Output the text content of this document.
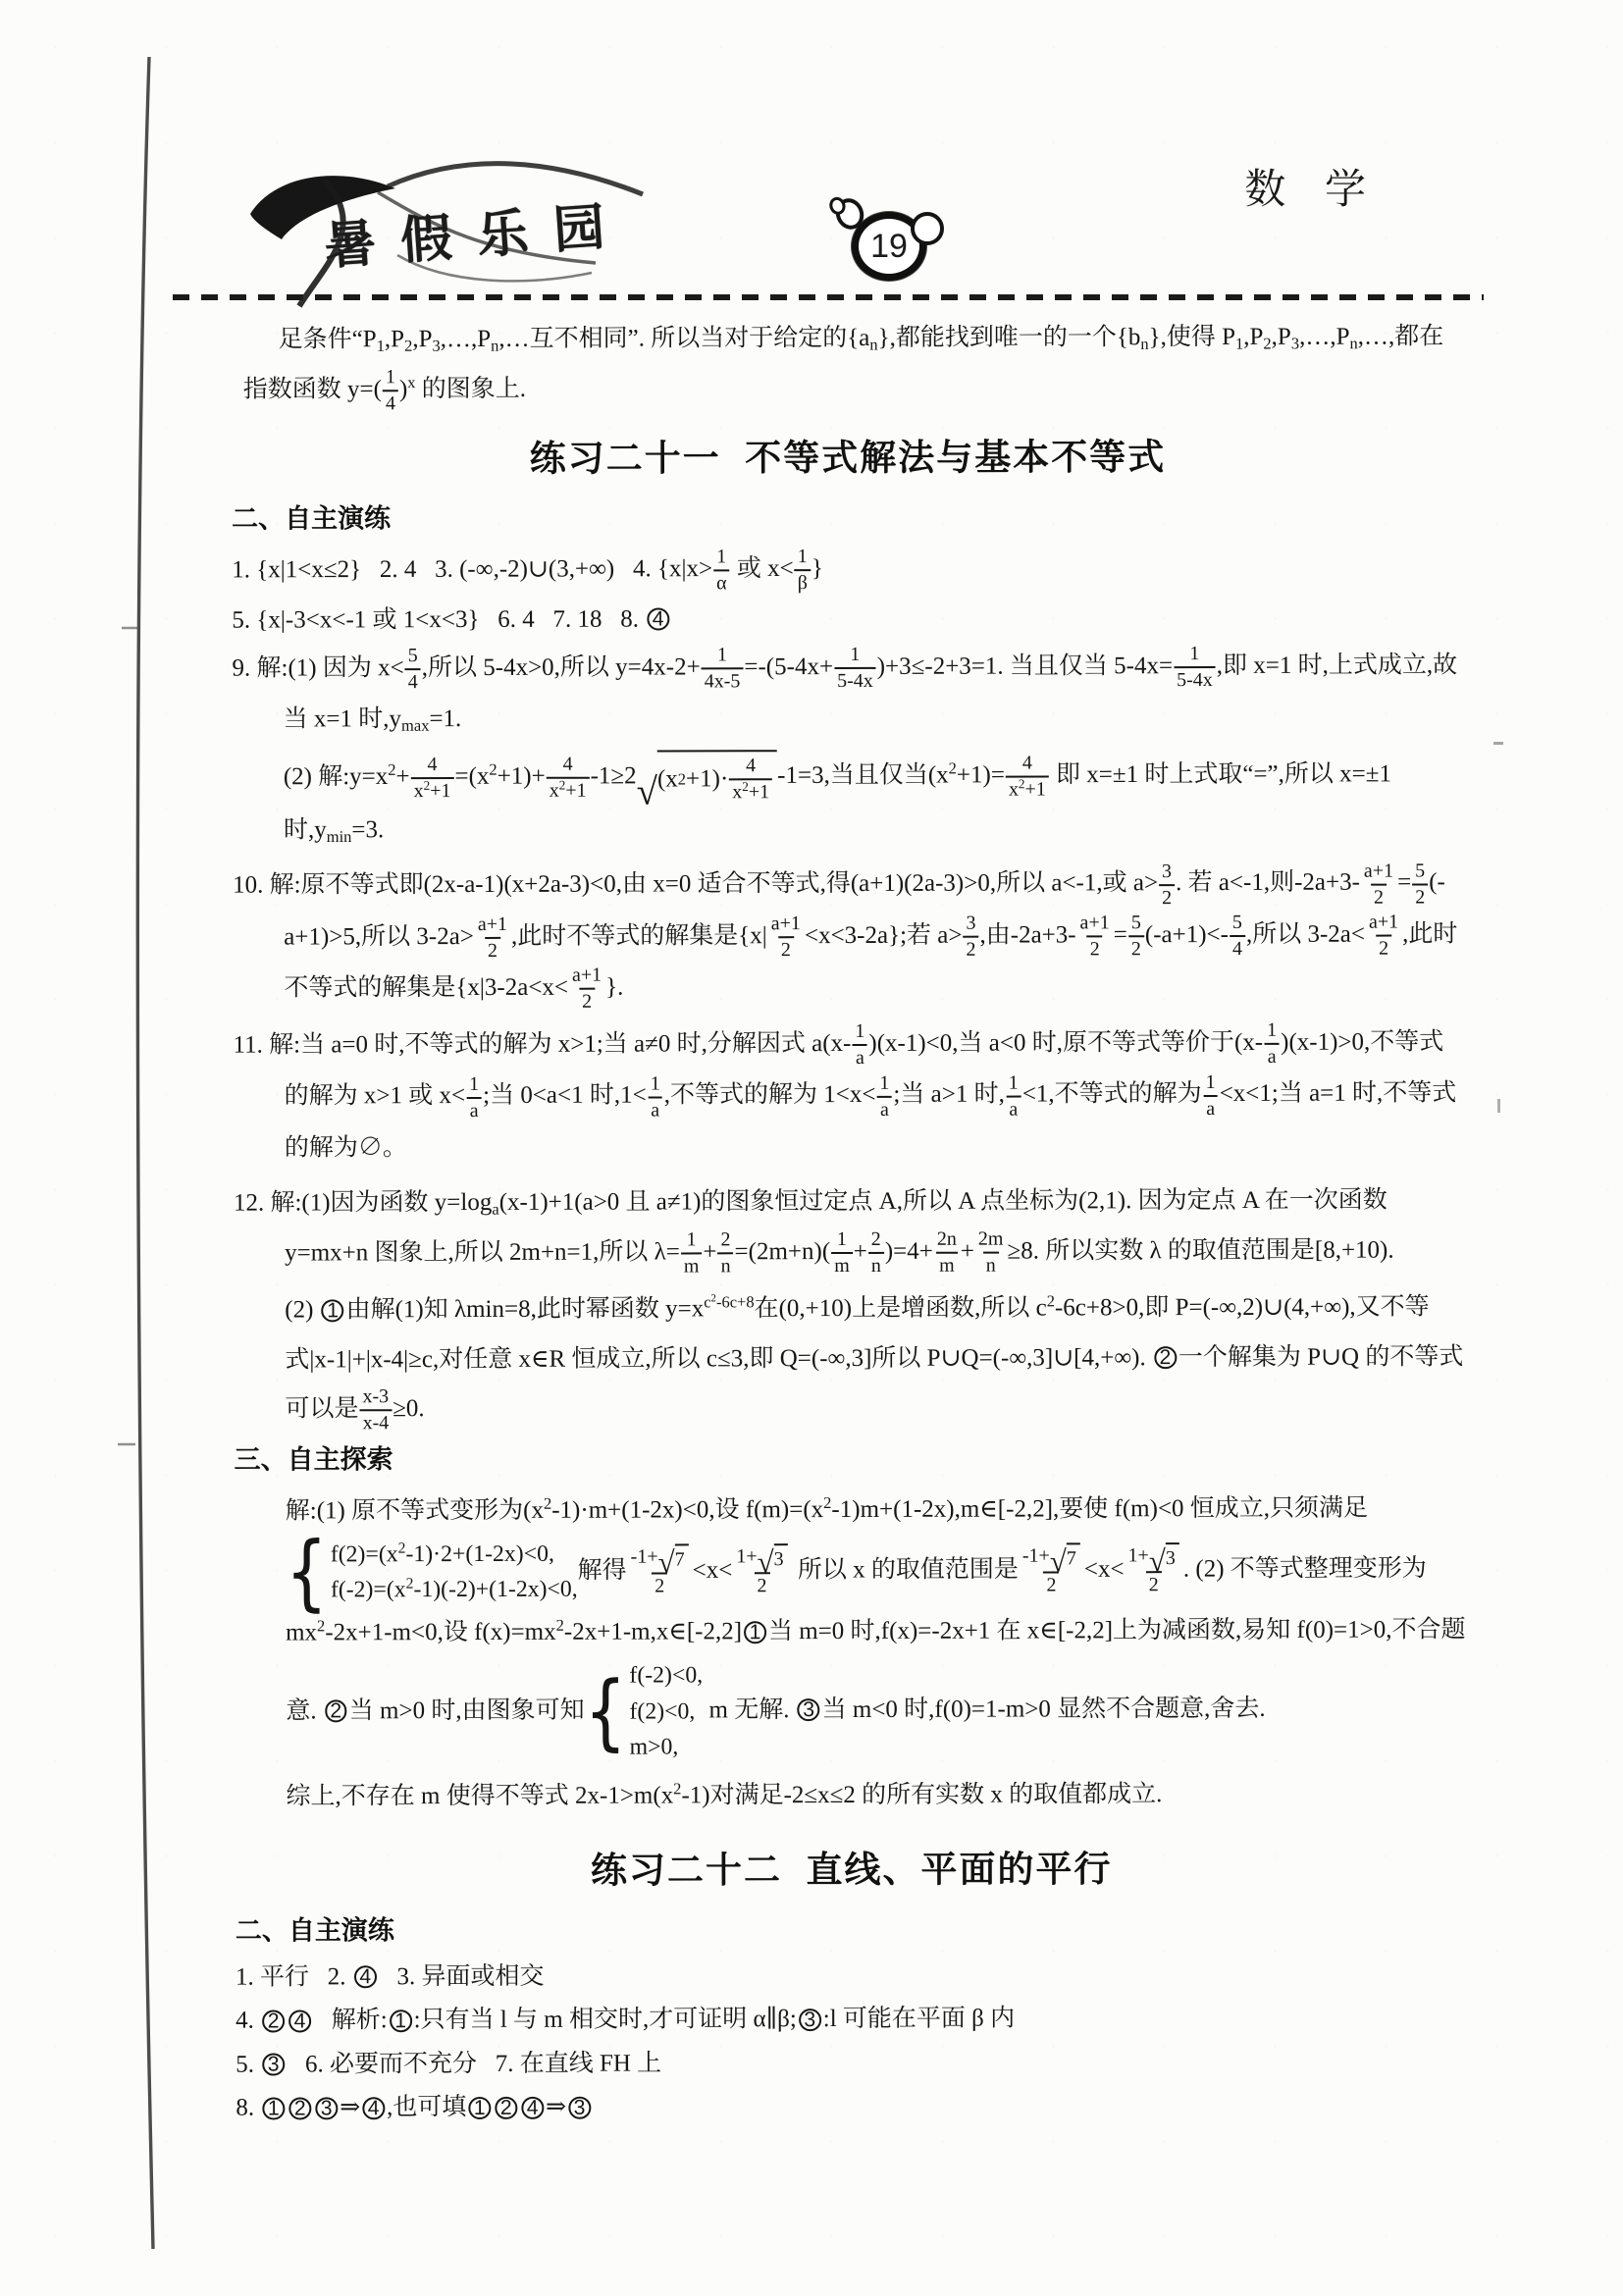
暑假乐园	19
数 学
足条件“$P_1,P_2,P_3,\dots,P_n,\dots$互不相同”. 所以当对于给定的$\{a_n\}$,都能找到唯一的一个$\{b_n\}$,使得 $P_1,P_2,P_3,\dots,P_n,\dots$,都在指数函数 $y=( \frac{1}{4} )^x$ 的图象上.
练习二十一  不等式解法与基本不等式
二、自主演练
1. {x|1<x≤2}   2. 4   3. (-∞,-2)∪(3,+∞)   4. {$x|x> \frac{1}{\alpha}$ 或 $x< \frac{1}{\beta}$ }
5. {x|-3<x<-1 或 1<x<3}   6. 4   7. 18   8. 4
9. 解:(1) 因为 $x< \frac{5}{4}$ ,所以 5-4x>0,所以 $y=4x-2+ \frac{1}{4x-5} =-(5-4x+ \frac{1}{5-4x} )+3\le-2+3=1$. 当且仅当 $5-4x= \frac{1}{5-4x}$ ,即 x=1 时,上式成立,故当 x=1 时$,y_{max}=1$.
(2) 解$:y=x^2+ \frac{4}{x^2+1} =(x^2+1)+ \frac{4}{x^2+1} -1\ge 2$ √ (x 2 +1)· 4
$x^2+1$
-1=3,当且仅当$(x^2+1)= \frac{4}{x^2+1}$ 即 x=±1 时上式取“=”,所以 x=±1 时$,y_{min}=3$.
10. 解:原不等式即(2x-a-1)(x+2a-3)<0,由 x=0 适合不等式,得(a+1)(2a-3)>0,所以 a<-1,或 $a> \frac{3}{2}$ . 若 a<-1,则$-2a+3- \frac{a+1}{2} = \frac{5}{2} (-a+1)>5$,所以 $3-2a> \frac{a+1}{2}$ ,此时不等式的解集是$\{x| \frac{a+1}{2} <x<3-2a\}$;若 $a> \frac{3}{2}$ ,由$-2a+3- \frac{a+1}{2} = \frac{5}{2} (-a+1)<- \frac{5}{4}$ ,所以 $3-2a< \frac{a+1}{2}$ ,此时不等式的解集是{$x|3-2a<x< \frac{a+1}{2}$ }.
11. 解:当 a=0 时,不等式的解为 x>1;当 a≠0 时,分解因式 $a(x- \frac{1}{a} )(x-1)<0$,当 a<0 时,原不等式等价于$(x- \frac{1}{a} )(x-1)>0$,不等式的解为 x>1 或 $x< \frac{1}{a}$ ;当 0<a<1 时$,1< \frac{1}{a}$ ,不等式的解为 $1<x< \frac{1}{a}$ ;当 a>1 时, $\frac{1}{a} <1$,不等式的解为 $\frac{1}{a} <x<1$;当 a=1 时,不等式的解为∅。
12. 解:(1)因为函数 $y=\log_a(x-1)+1(a>0$ 且 a≠1)的图象恒过定点 A,所以 A 点坐标为(2,1). 因为定点 A 在一次函数 y=mx+n 图象上,所以 2m+n=1,所以 $\lambda= \frac{1}{m} + \frac{2}{n} =(2m+n)( \frac{1}{m} + \frac{2}{n} )=4+ \frac{2n}{m} + \frac{2m}{n} \ge 8$. 所以实数 λ 的取值范围是[8,+10).
(2) 1 由解(1)知 λmin=8,此时幂函数 $y=x^{c^2-6c+8}$在(0,+10)上是增函数,所以 $c^2-6c+8>0$,即 P=(-∞,2)∪(4,+∞),又不等式|x-1|+|x-4|≥c,对任意 x∈R 恒成立,所以 c≤3,即 Q=(-∞,3]所以 P∪Q=(-∞,3]∪[4,+∞). 2 一个解集为 P∪Q 的不等式可以是 $\frac{x-3}{x-4} \ge 0$.
三、自主探索
解:(1) 原不等式变形为$(x^2-1)\cdot m+(1-2x)<0$,设 $f(m)=(x^2-1)m+(1-2x),m\in[-2,2]$,要使 f(m)<0 恒成立,只须满足
{ $f(2)=(x^2-1)\cdot 2+(1-2x)<0$,
$f(-2)=(x^2-1)(-2)+(1-2x)<0$,
解得 $\frac{-1+ √ 7}{2} <x< \frac{1+ √ 3}{2}$ 所以 x 的取值范围是 $\frac{-1+ √ 7}{2} <x< \frac{1+ √ 3}{2}$ . (2) 不等式整理变形为 $mx^2-2x+1-m<0$,设 $f(x)=mx^2-2x+1-m,x\in[-2,2]$ 1 当 m=0 时,f(x)=-2x+1 在 x∈[-2,2]上为减函数,易知 f(0)=1>0,不合题意. 2 当 m>0 时,由图象可知 { f(-2)<0,
f(2)<0,
m>0,
m 无解. 3 当 m<0 时,f(0)=1-m>0 显然不合题意,舍去.
综上,不存在 m 使得不等式 $2x-1>m(x^2-1)$对满足-2≤x≤2 的所有实数 x 的取值都成立.
练习二十二  直线、平面的平行
二、自主演练
1. 平行   2. 4   3. 异面或相交
4. 2 4   解析: 1 :只有当 l 与 m 相交时,才可证明 α∥β; 3 :l 可能在平面 β 内
5. 3   6. 必要而不充分   7. 在直线 FH 上
8. 1 2 3 ⇒ 4 ,也可填 1 2 4 ⇒ 3
